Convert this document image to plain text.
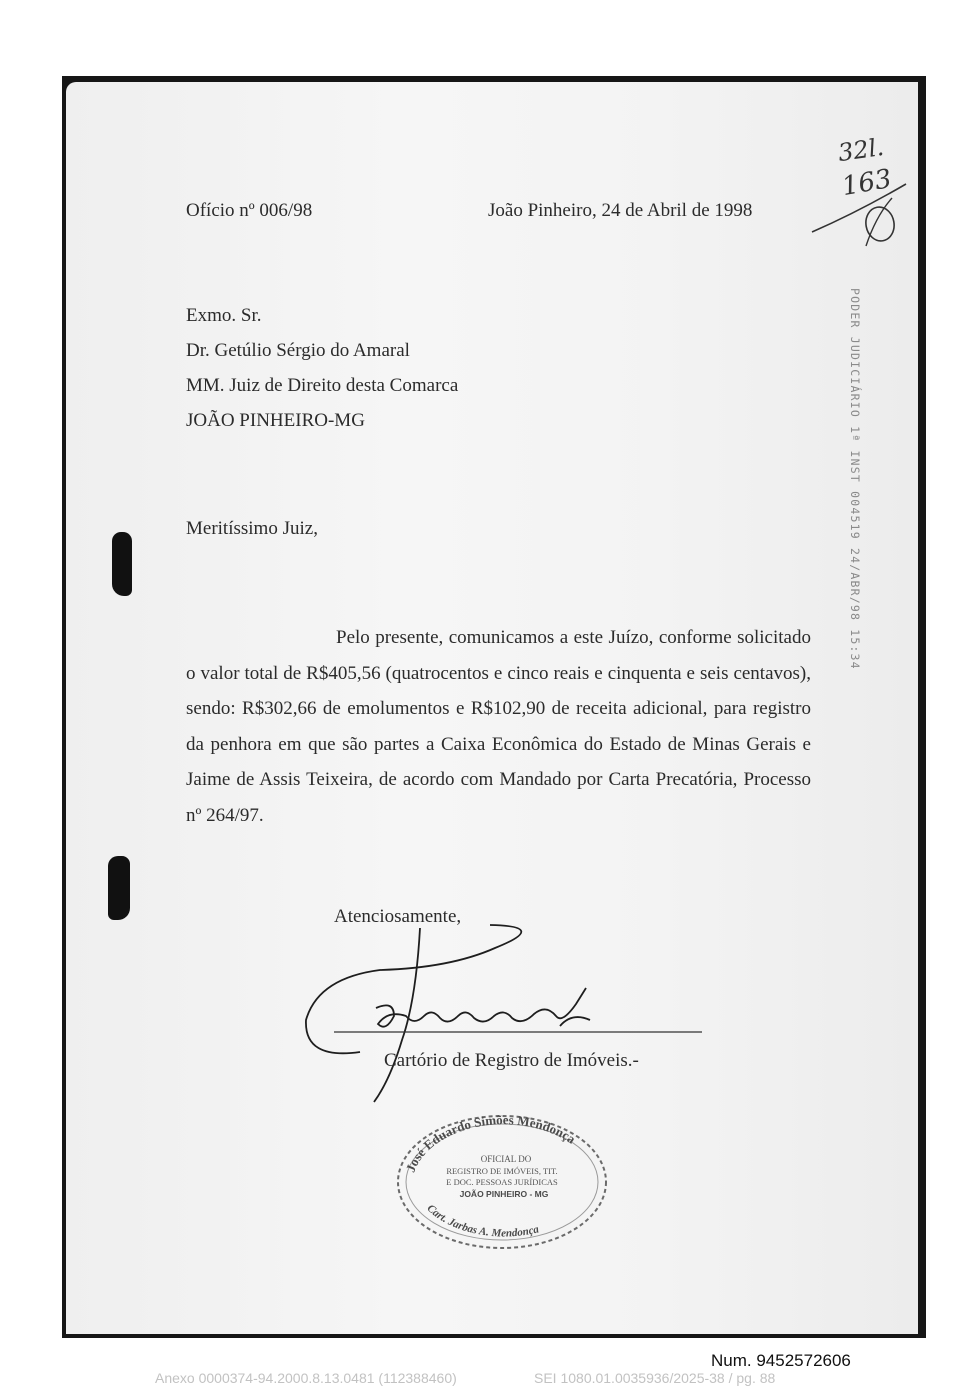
32l.
163
PODER JUDICIÁRIO 1ª INST 004519 24/ABR/98 15:34
Ofício nº 006/98	João Pinheiro, 24 de Abril de 1998
Exmo. Sr.
Dr. Getúlio Sérgio do Amaral
MM. Juiz de Direito desta Comarca
JOÃO PINHEIRO-MG
Meritíssimo Juiz,
Pelo presente, comunicamos a este Juízo, conforme solicitado o valor total de R$405,56 (quatrocentos e cinco reais e cinquenta e seis centavos), sendo: R$302,66 de emolumentos e R$102,90 de receita adicional, para registro da penhora em que são partes a Caixa Econômica do Estado de Minas Gerais e Jaime de Assis Teixeira, de acordo com Mandado por Carta Precatória, Processo nº 264/97.
Atenciosamente,
Cartório de Registro de Imóveis.-
José Eduardo Simões Mendonça
OFICIAL DO
REGISTRO DE IMÓVEIS, TIT.
E DOC. PESSOAS JURÍDICAS
JOÃO PINHEIRO - MG
Cart. Jarbas A. Mendonça
Num. 9452572606
Anexo 0000374-94.2000.8.13.0481 (112388460)	SEI 1080.01.0035936/2025-38 / pg. 88
